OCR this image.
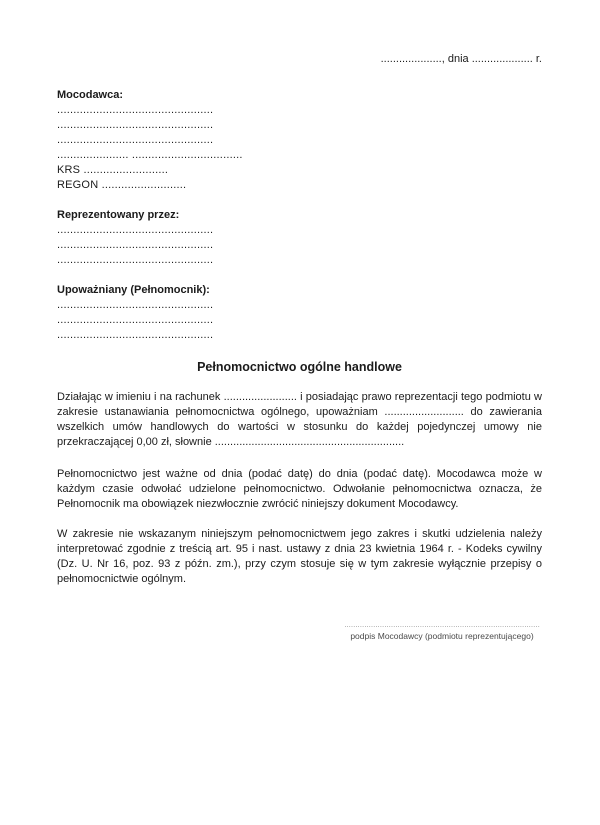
...................., dnia .................... r.
Mocodawca:
................................................
................................................
................................................
...................... ..................................
KRS ..........................
REGON ..........................
Reprezentowany przez:
................................................
................................................
................................................
Upoważniany (Pełnomocnik):
................................................
................................................
................................................
Pełnomocnictwo ogólne handlowe

Działając w imieniu i na rachunek ........................ i posiadając prawo reprezentacji tego podmiotu w zakresie ustanawiania pełnomocnictwa ogólnego, upoważniam .......................... do zawierania wszelkich umów handlowych do wartości w stosunku do każdej pojedynczej umowy nie przekraczającej 0,00 zł, słownie ..............................................................

Pełnomocnictwo jest ważne od dnia (podać datę) do dnia (podać datę). Mocodawca może w każdym czasie odwołać udzielone pełnomocnictwo. Odwołanie pełnomocnictwa oznacza, że Pełnomocnik ma obowiązek niezwłocznie zwrócić niniejszy dokument Mocodawcy.

W zakresie nie wskazanym niniejszym pełnomocnictwem jego zakres i skutki udzielenia należy interpretować zgodnie z treścią art. 95 i nast. ustawy z dnia 23 kwietnia 1964 r. - Kodeks cywilny (Dz. U. Nr 16, poz. 93 z późn. zm.), przy czym stosuje się w tym zakresie wyłącznie przepisy o pełnomocnictwie ogólnym.

........................................................................................
podpis Mocodawcy (podmiotu reprezentującego)
